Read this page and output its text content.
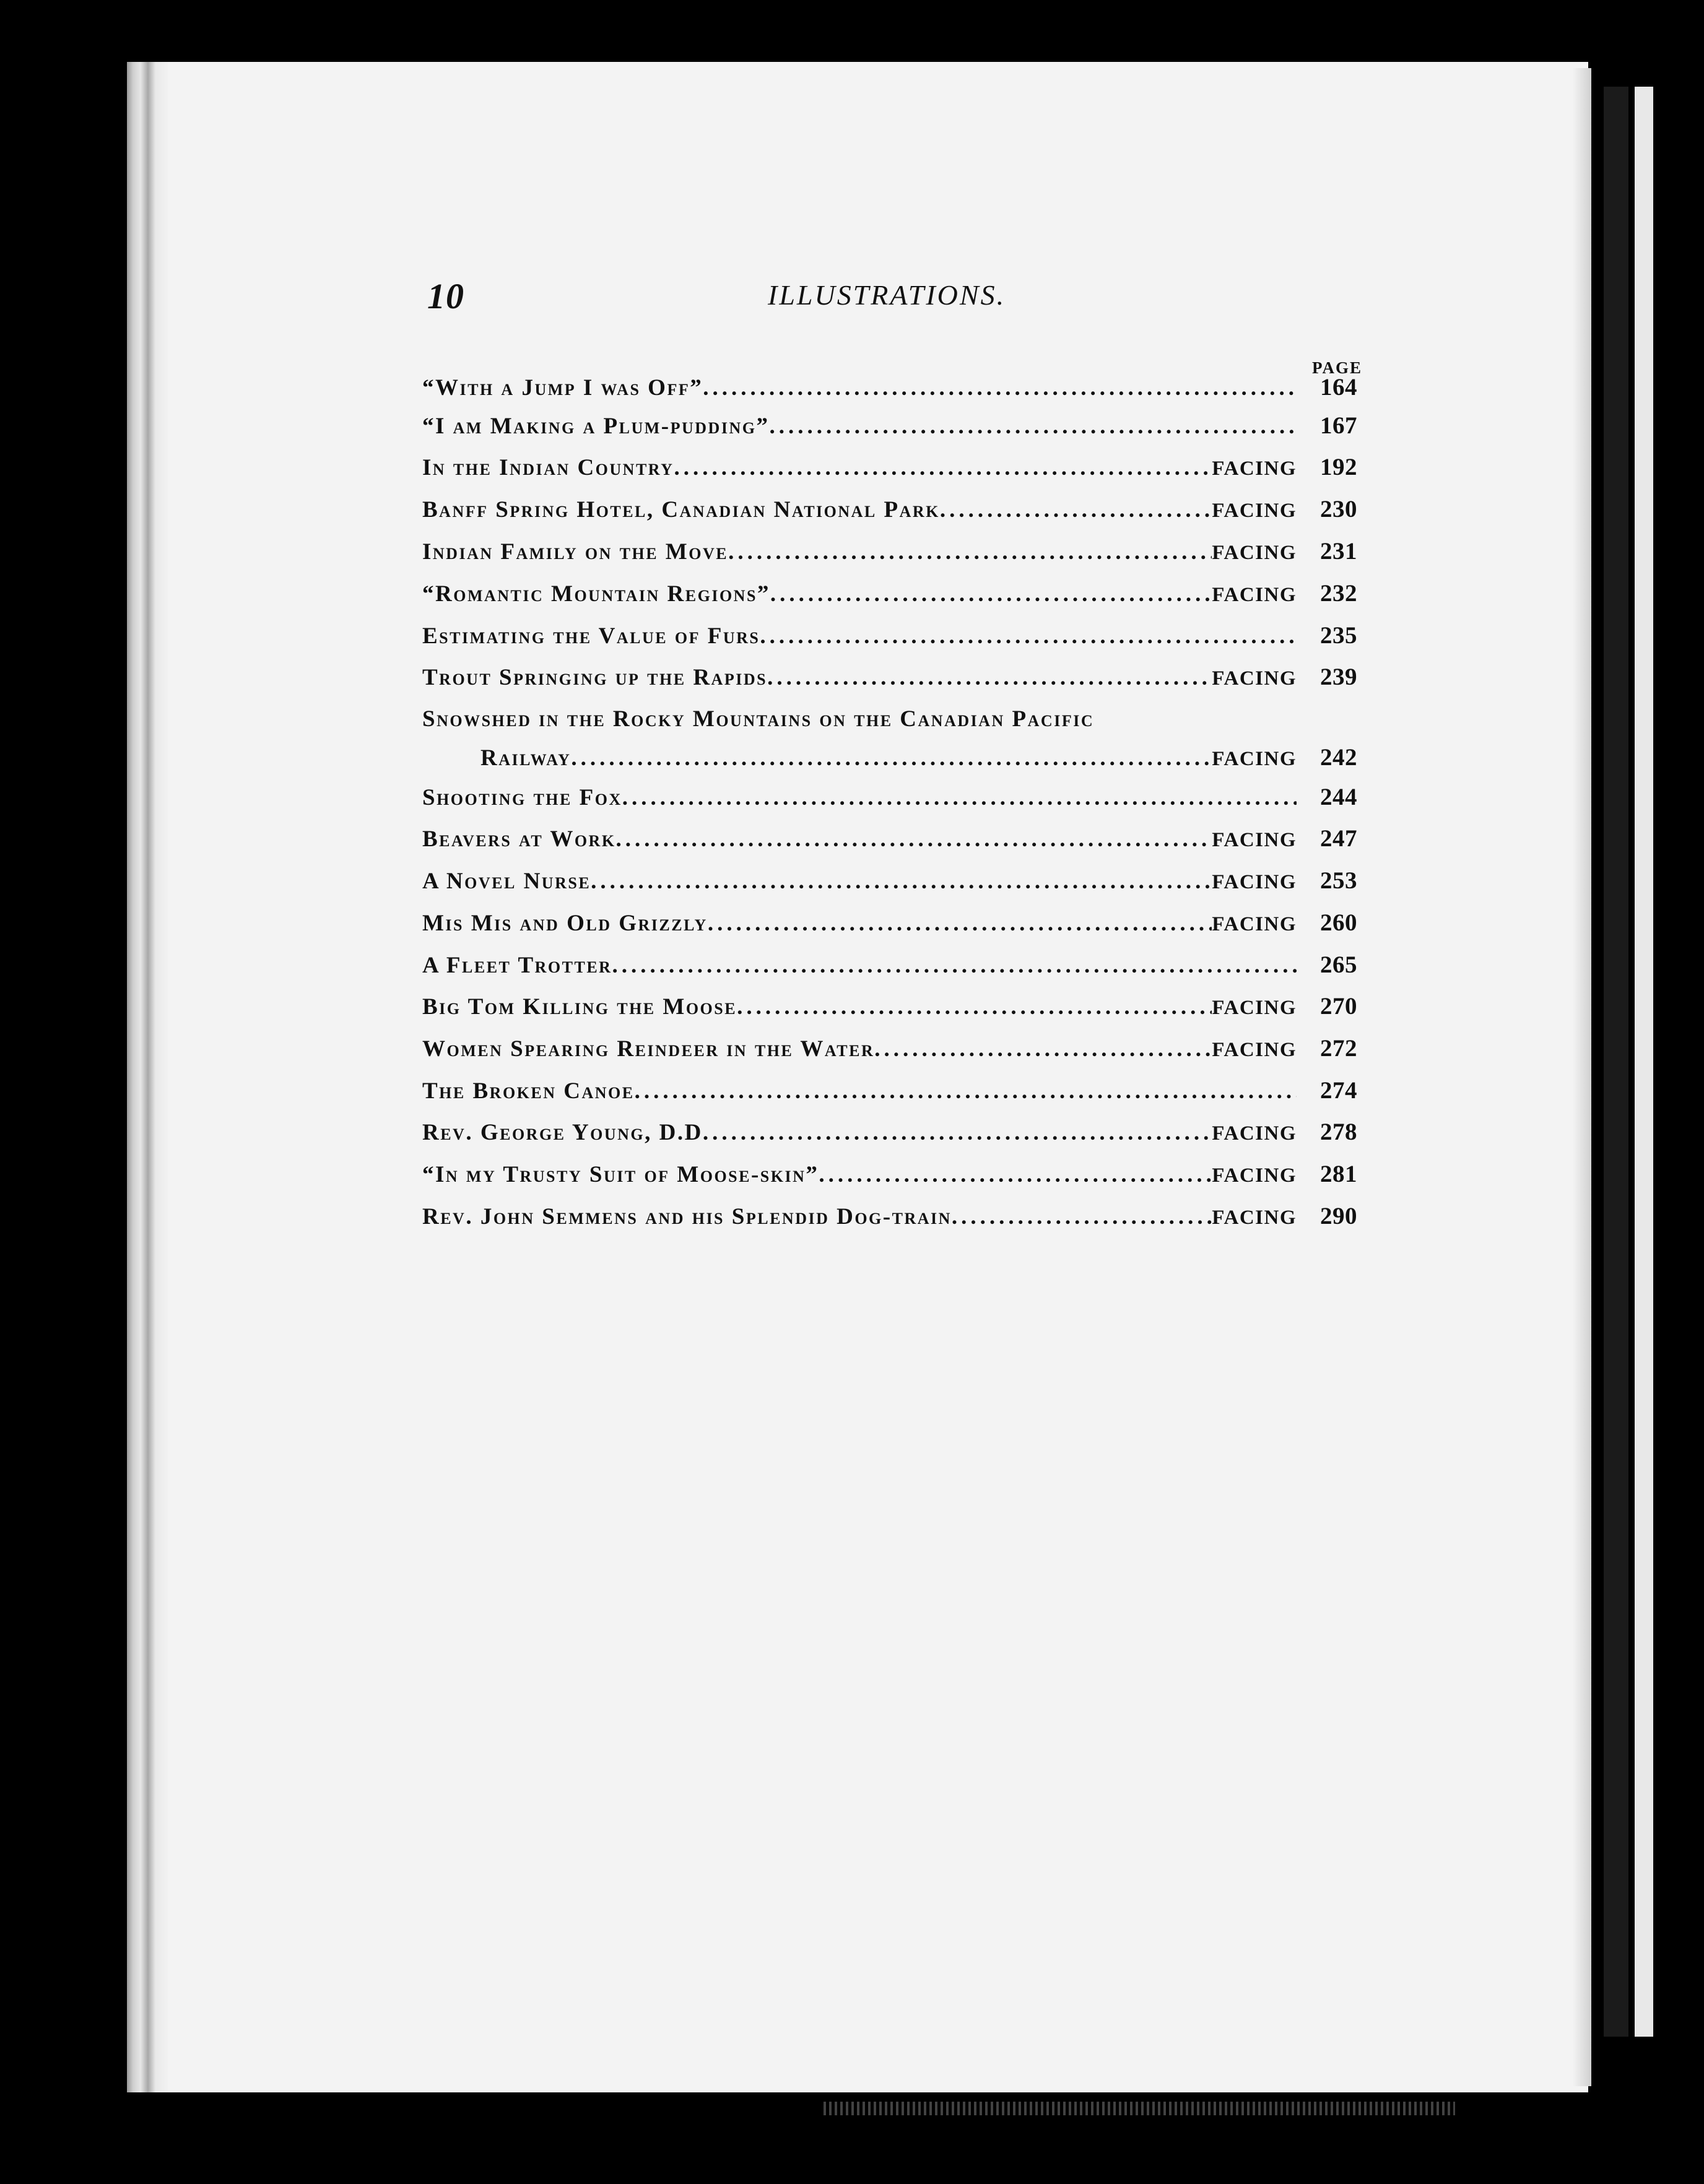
10	ILLUSTRATIONS.
PAGE
“With a Jump I was Off” .....	164
“I am Making a Plum-pudding” .....	167
In the Indian Country .....	FACING 192
Banff Spring Hotel, Canadian National Park .....	FACING 230
Indian Family on the Move .....	FACING 231
“Romantic Mountain Regions” .....	FACING 232
Estimating the Value of Furs .....	235
Trout Springing up the Rapids .....	FACING 239
Snowshed in the Rocky Mountains on the Canadian Pacific
Railway .....	FACING 242
Shooting the Fox .....	244
Beavers at Work .....	FACING 247
A Novel Nurse .....	FACING 253
Mis Mis and Old Grizzly .....	FACING 260
A Fleet Trotter .....	265
Big Tom Killing the Moose .....	FACING 270
Women Spearing Reindeer in the Water .....	FACING 272
The Broken Canoe .....	274
Rev. George Young, D.D .....	FACING 278
“In my Trusty Suit of Moose-skin” .....	FACING 281
Rev. John Semmens and his Splendid Dog-train .....	FACING 290
